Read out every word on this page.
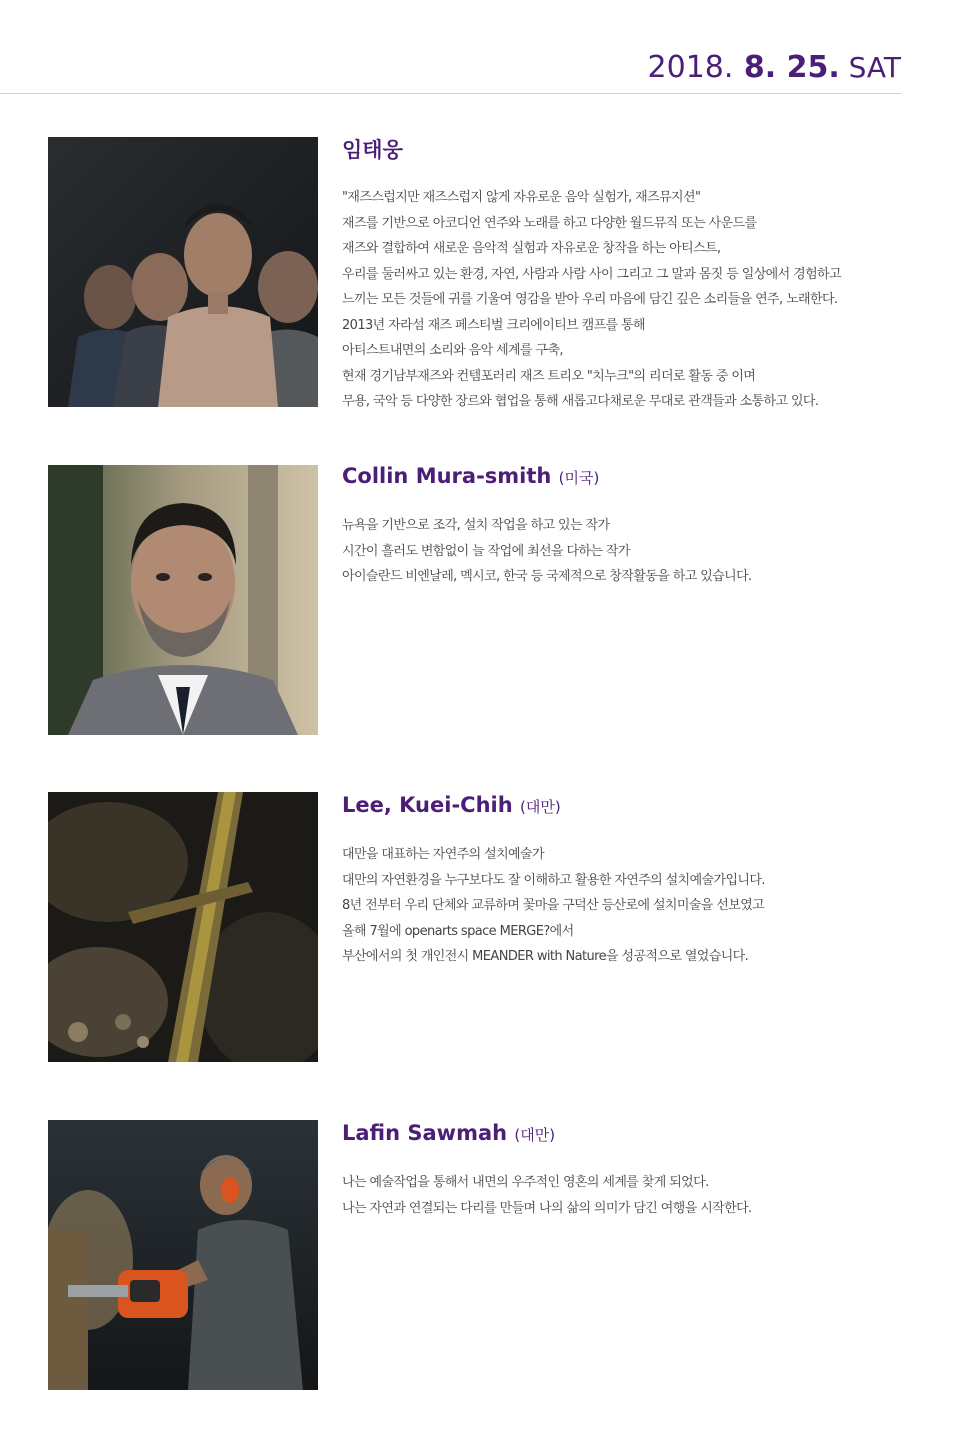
2018. 8. 25. SAT
임태웅
"재즈스럽지만 재즈스럽지 않게 자유로운 음악 실험가, 재즈뮤지션"
재즈를 기반으로 아코디언 연주와 노래를 하고 다양한 월드뮤직 또는 사운드를
재즈와 결합하여 새로운 음악적 실험과 자유로운 창작을 하는 아티스트,
우리를 둘러싸고 있는 환경, 자연, 사람과 사람 사이 그리고 그 말과 몸짓 등 일상에서 경험하고
느끼는 모든 것들에 귀를 기울여 영감을 받아 우리 마음에 담긴 깊은 소리들을 연주, 노래한다.
2013년 자라섬 재즈 페스티벌 크리에이티브 캠프를 통해
아티스트내면의 소리와 음악 세계를 구축,
현재 경기남부재즈와 컨템포러리 재즈 트리오 "치누크"의 리더로 활동 중 이며
무용, 국악 등 다양한 장르와 협업을 통해 새롭고다채로운 무대로 관객들과 소통하고 있다.
Collin Mura-smith (미국)
뉴욕을 기반으로 조각, 설치 작업을 하고 있는 작가
시간이 흘러도 변함없이 늘 작업에 최선을 다하는 작가
아이슬란드 비엔날레, 멕시코, 한국 등 국제적으로 창작활동을 하고 있습니다.
Lee, Kuei-Chih (대만)
대만을 대표하는 자연주의 설치예술가
대만의 자연환경을 누구보다도 잘 이해하고 활용한 자연주의 설치예술가입니다.
8년 전부터 우리 단체와 교류하며 꽃마을 구덕산 등산로에 설치미술을 선보였고
올해 7월에 openarts space MERGE?에서
부산에서의 첫 개인전시 MEANDER with Nature을 성공적으로 열었습니다.
Lafin Sawmah (대만)
나는 예술작업을 통해서 내면의 우주적인 영혼의 세계를 찾게 되었다.
나는 자연과 연결되는 다리를 만들며 나의 삶의 의미가 담긴 여행을 시작한다.
